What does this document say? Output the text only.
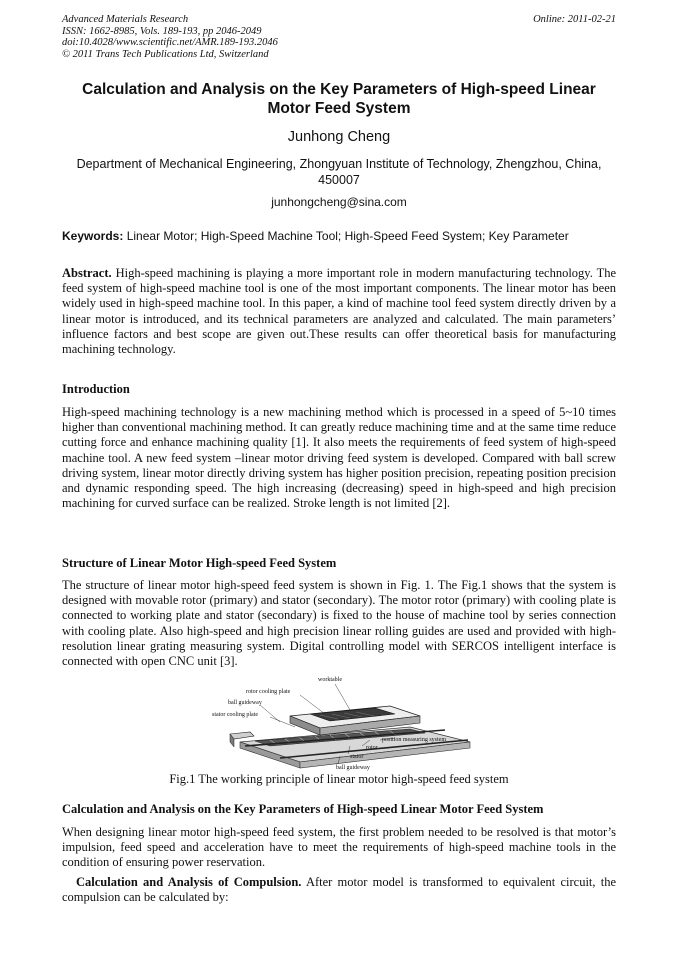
Advanced Materials Research
ISSN: 1662-8985, Vols. 189-193, pp 2046-2049
doi:10.4028/www.scientific.net/AMR.189-193.2046
© 2011 Trans Tech Publications Ltd, Switzerland
Online: 2011-02-21
Calculation and Analysis on the Key Parameters of High-speed Linear Motor Feed System
Junhong Cheng
Department of Mechanical Engineering, Zhongyuan Institute of Technology, Zhengzhou, China, 450007
junhongcheng@sina.com
Keywords: Linear Motor; High-Speed Machine Tool; High-Speed Feed System; Key Parameter
Abstract. High-speed machining is playing a more important role in modern manufacturing technology. The feed system of high-speed machine tool is one of the most important components. The linear motor has been widely used in high-speed machine tool. In this paper, a kind of machine tool feed system directly driven by a linear motor is introduced, and its technical parameters are analyzed and calculated. The main parameters’ influence factors and best scope are given out.These results can offer theoretical basis for manufacturing machining technology.
Introduction
High-speed machining technology is a new machining method which is processed in a speed of 5~10 times higher than conventional machining method. It can greatly reduce machining time and at the same time reduce cutting force and enhance machining quality [1]. It also meets the requirements of feed system of high-speed machine tool. A new feed system –linear motor driving feed system is developed. Compared with ball screw driving system, linear motor directly driving system has higher position precision, repeating position precision and dynamic responding speed. The high increasing (decreasing) speed in high-speed and high precision machining for curved surface can be realized. Stroke length is not limited [2].
Structure of Linear Motor High-speed Feed System
The structure of linear motor high-speed feed system is shown in Fig. 1. The Fig.1 shows that the system is designed with movable rotor (primary) and stator (secondary). The motor rotor (primary) with cooling plate is connected to working plate and stator (secondary) is fixed to the house of machine tool by series connection with cooling plate. Also high-speed and high precision linear rolling guides are used and provided with high-resolution linear grating measuring system. Digital controlling model with SERCOS intelligent interface is connected with open CNC unit [3].
worktable
rotor cooling plate
ball guideway
stator cooling plate
position measuring system
rotor
stator
ball guideway
Fig.1 The working principle of linear motor high-speed feed system
Calculation and Analysis on the Key Parameters of High-speed Linear Motor Feed System
When designing linear motor high-speed feed system, the first problem needed to be resolved is that motor’s impulsion, feed speed and acceleration have to meet the requirements of high-speed machine tools in the condition of ensuring power reservation.
Calculation and Analysis of Compulsion. After motor model is transformed to equivalent circuit, the compulsion can be calculated by:
